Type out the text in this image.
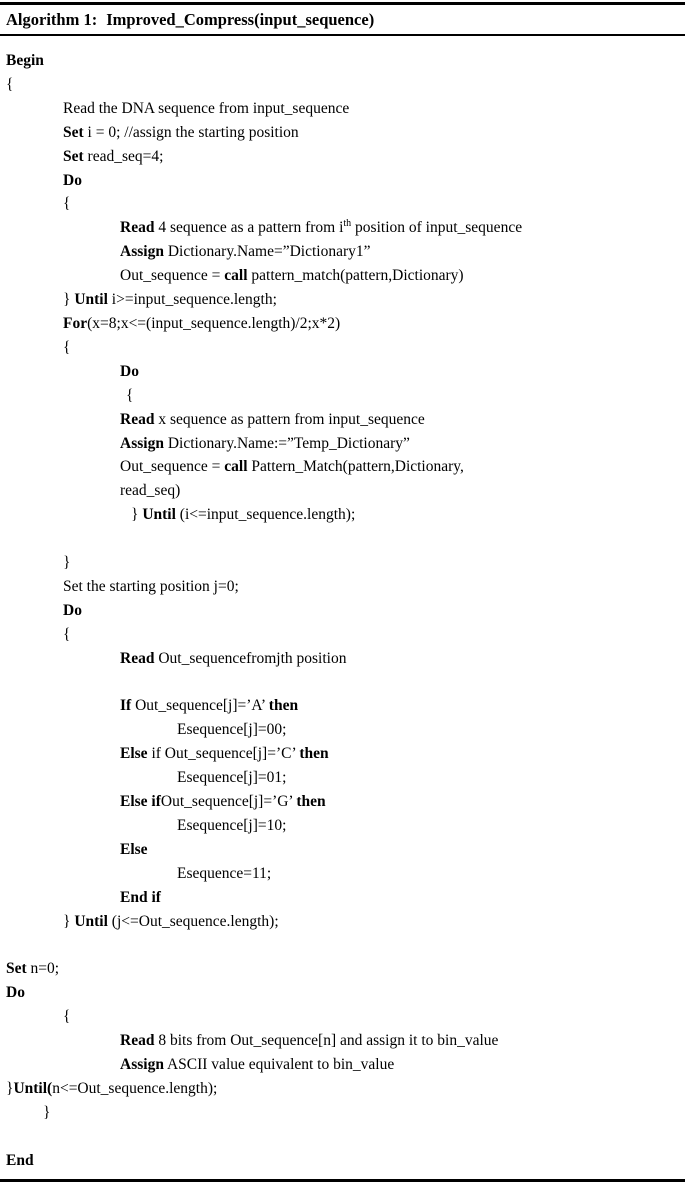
Algorithm 1: Improved_Compress(input_sequence)
Begin
{
Read the DNA sequence from input_sequence
Set i = 0; //assign the starting position
Set read_seq=4;
Do
{
Read 4 sequence as a pattern from $i^{th}$ position of input_sequence
Assign Dictionary.Name=”Dictionary1”
Out_sequence = call pattern_match(pattern,Dictionary)
} Until i>=input_sequence.length;
For(x=8;x<=(input_sequence.length)/2;x*2)
{
Do
{
Read x sequence as pattern from input_sequence
Assign Dictionary.Name:=”Temp_Dictionary”
Out_sequence = call Pattern_Match(pattern,Dictionary,
read_seq)
} Until (i<=input_sequence.length);

}
Set the starting position j=0;
Do
{
Read Out_sequencefromjth position

If Out_sequence[j]=’A’ then
Esequence[j]=00;
Else if Out_sequence[j]=’C’ then
Esequence[j]=01;
Else ifOut_sequence[j]=’G’ then
Esequence[j]=10;
Else
Esequence=11;
End if
} Until (j<=Out_sequence.length);

Set n=0;
Do
{
Read 8 bits from Out_sequence[n] and assign it to bin_value
Assign ASCII value equivalent to bin_value
}Until(n<=Out_sequence.length);
}

End
